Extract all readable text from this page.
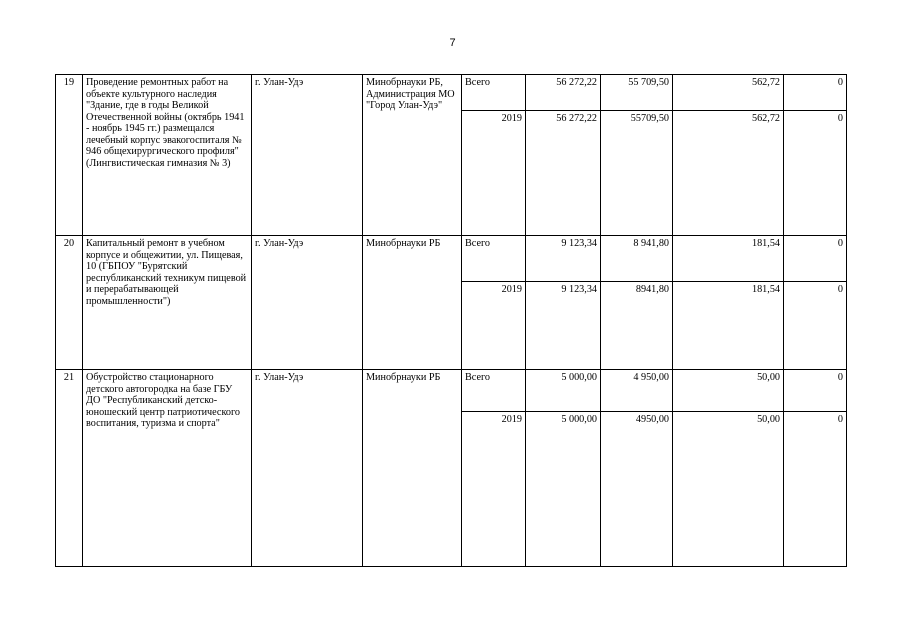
7
19	Проведение ремонтных работ на объекте культурного наследия "Здание, где в годы Великой Отечественной войны (октябрь 1941 - ноябрь 1945 гг.) размещался лечебный корпус эвакогоспиталя № 946 общехирургического профиля" (Лингвистическая гимназия № 3)	г. Улан-Удэ	Минобрнауки РБ, Администрация МО "Город Улан-Удэ"	Всего	56 272,22	55 709,50	562,72	0
				2019	56 272,22	55709,50	562,72	0
20	Капитальный ремонт в учебном корпусе и общежитии, ул. Пищевая, 10 (ГБПОУ "Бурятский республиканский техникум пищевой и перерабатывающей промышленности")	г. Улан-Удэ	Минобрнауки РБ	Всего	9 123,34	8 941,80	181,54	0
				2019	9 123,34	8941,80	181,54	0
21	Обустройство стационарного детского автогородка на базе ГБУ ДО "Республиканский детско-юношеский центр патриотического воспитания, туризма и спорта"	г. Улан-Удэ	Минобрнауки РБ	Всего	5 000,00	4 950,00	50,00	0
				2019	5 000,00	4950,00	50,00	0
